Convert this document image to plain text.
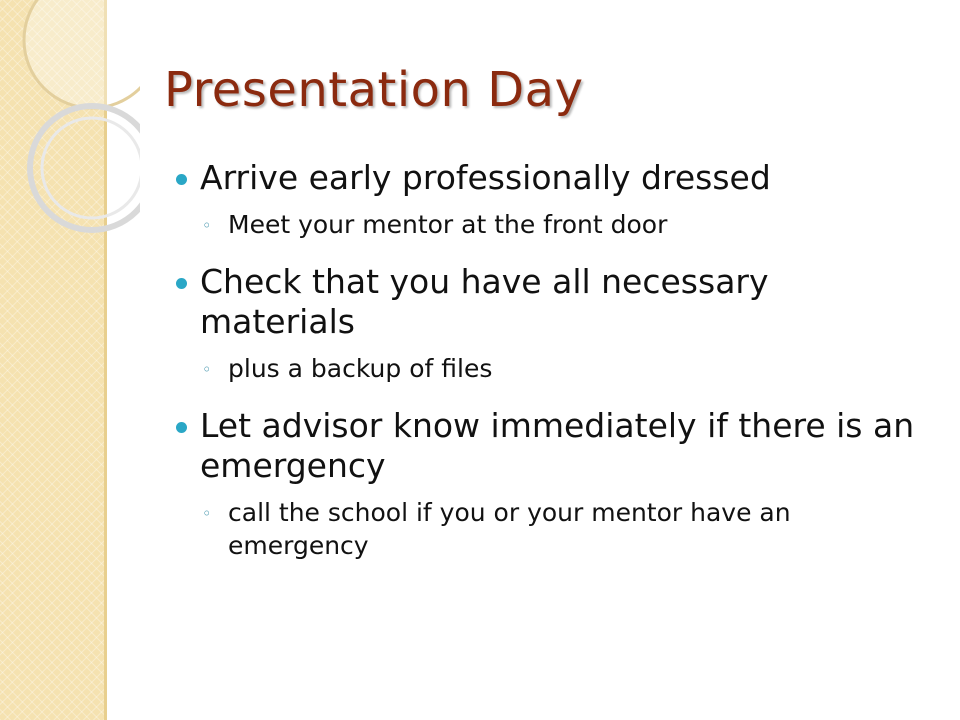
Presentation Day
Arrive early professionally dressed
◦ Meet your mentor at the front door
Check that you have all necessary materials
◦ plus a backup of files
Let advisor know immediately if there is an emergency
◦ call the school if you or your mentor have an emergency
